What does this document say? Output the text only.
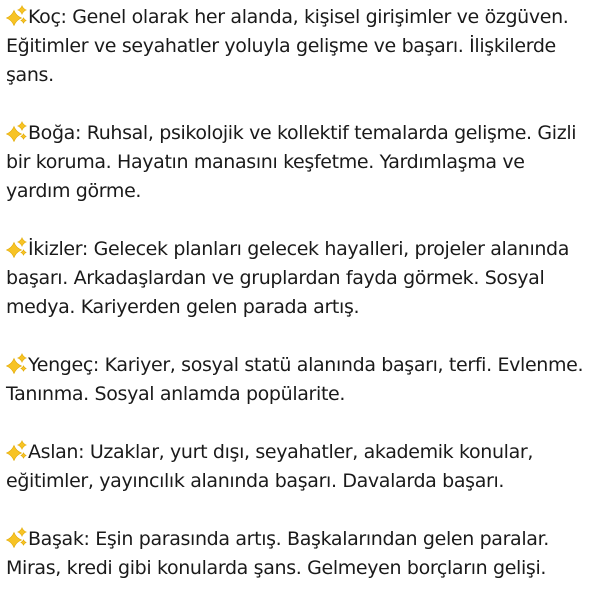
Koç: Genel olarak her alanda, kişisel girişimler ve özgüven.
Eğitimler ve seyahatler yoluyla gelişme ve başarı. İlişkilerde
şans.
Boğa: Ruhsal, psikolojik ve kollektif temalarda gelişme. Gizli
bir koruma. Hayatın manasını keşfetme. Yardımlaşma ve
yardım görme.
İkizler: Gelecek planları gelecek hayalleri, projeler alanında
başarı. Arkadaşlardan ve gruplardan fayda görmek. Sosyal
medya. Kariyerden gelen parada artış.
Yengeç: Kariyer, sosyal statü alanında başarı, terfi. Evlenme.
Tanınma. Sosyal anlamda popülarite.
Aslan: Uzaklar, yurt dışı, seyahatler, akademik konular,
eğitimler, yayıncılık alanında başarı. Davalarda başarı.
Başak: Eşin parasında artış. Başkalarından gelen paralar.
Miras, kredi gibi konularda şans. Gelmeyen borçların gelişi.
